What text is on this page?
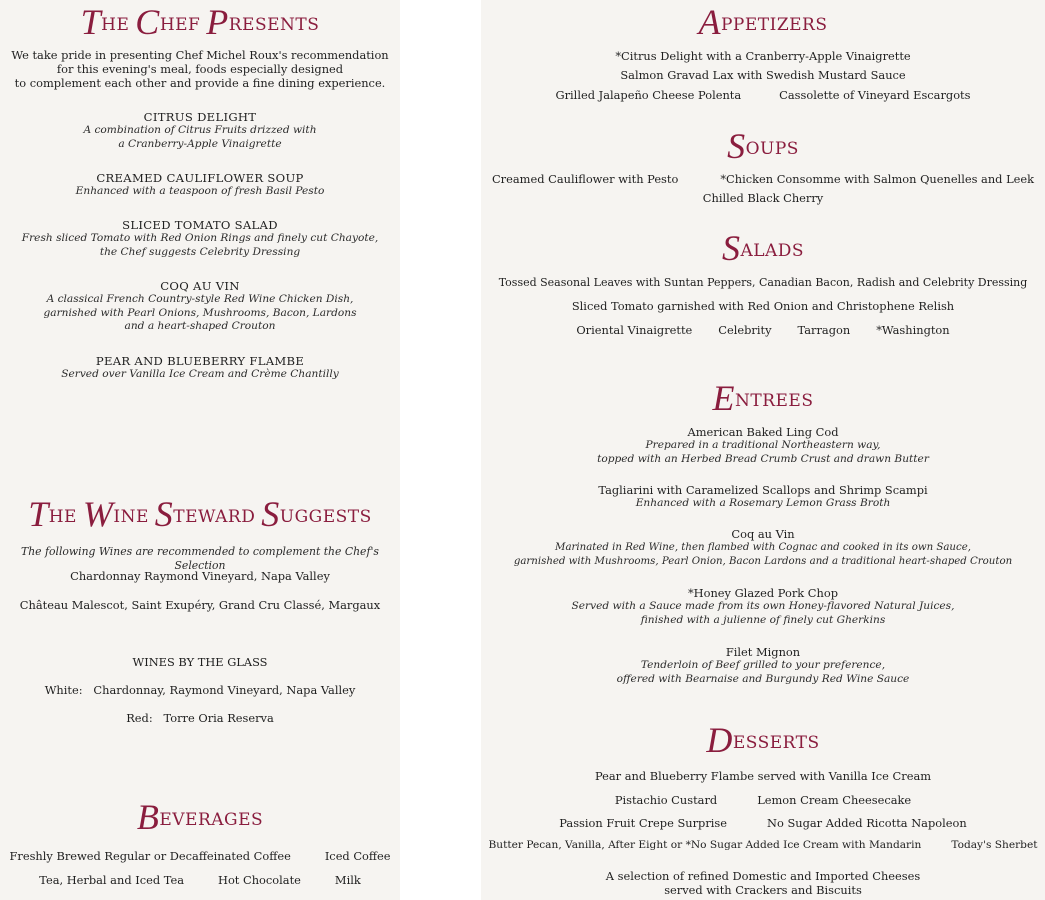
THE CHEF PRESENTS
We take pride in presenting Chef Michel Roux's recommendation
for this evening's meal, foods especially designed
to complement each other and provide a fine dining experience.
CITRUS DELIGHT
A combination of Citrus Fruits drizzed with
a Cranberry-Apple Vinaigrette
CREAMED CAULIFLOWER SOUP
Enhanced with a teaspoon of fresh Basil Pesto
SLICED TOMATO SALAD
Fresh sliced Tomato with Red Onion Rings and finely cut Chayote,
the Chef suggests Celebrity Dressing
COQ AU VIN
A classical French Country-style Red Wine Chicken Dish,
garnished with Pearl Onions, Mushrooms, Bacon, Lardons
and a heart-shaped Crouton
PEAR AND BLUEBERRY FLAMBE
Served over Vanilla Ice Cream and Crème Chantilly
THE WINE STEWARD SUGGESTS
The following Wines are recommended to complement the Chef's Selection
Chardonnay Raymond Vineyard, Napa Valley
Château Malescot, Saint Exupéry, Grand Cru Classé, Margaux
WINES BY THE GLASS
White:   Chardonnay, Raymond Vineyard, Napa Valley
Red:   Torre Oria Reserva
BEVERAGES
Freshly Brewed Regular or Decaffeinated Coffee	Iced Coffee
Tea, Herbal and Iced Tea	Hot Chocolate	Milk
APPETIZERS
*Citrus Delight with a Cranberry-Apple Vinaigrette
Salmon Gravad Lax with Swedish Mustard Sauce
Grilled Jalapeño Cheese Polenta	Cassolette of Vineyard Escargots
SOUPS
Creamed Cauliflower with Pesto	*Chicken Consomme with Salmon Quenelles and Leek
Chilled Black Cherry
SALADS
Tossed Seasonal Leaves with Suntan Peppers, Canadian Bacon, Radish and Celebrity Dressing
Sliced Tomato garnished with Red Onion and Christophene Relish
Oriental Vinaigrette Celebrity Tarragon *Washington
ENTREES
American Baked Ling Cod
Prepared in a traditional Northeastern way,
topped with an Herbed Bread Crumb Crust and drawn Butter
Tagliarini with Caramelized Scallops and Shrimp Scampi
Enhanced with a Rosemary Lemon Grass Broth
Coq au Vin
Marinated in Red Wine, then flambed with Cognac and cooked in its own Sauce,
garnished with Mushrooms, Pearl Onion, Bacon Lardons and a traditional heart-shaped Crouton
*Honey Glazed Pork Chop
Served with a Sauce made from its own Honey-flavored Natural Juices,
finished with a julienne of finely cut Gherkins
Filet Mignon
Tenderloin of Beef grilled to your preference,
offered with Bearnaise and Burgundy Red Wine Sauce
DESSERTS
Pear and Blueberry Flambe served with Vanilla Ice Cream
Pistachio Custard	Lemon Cream Cheesecake
Passion Fruit Crepe Surprise	No Sugar Added Ricotta Napoleon
Butter Pecan, Vanilla, After Eight or *No Sugar Added Ice Cream with Mandarin	Today's Sherbet
A selection of refined Domestic and Imported Cheeses
served with Crackers and Biscuits
